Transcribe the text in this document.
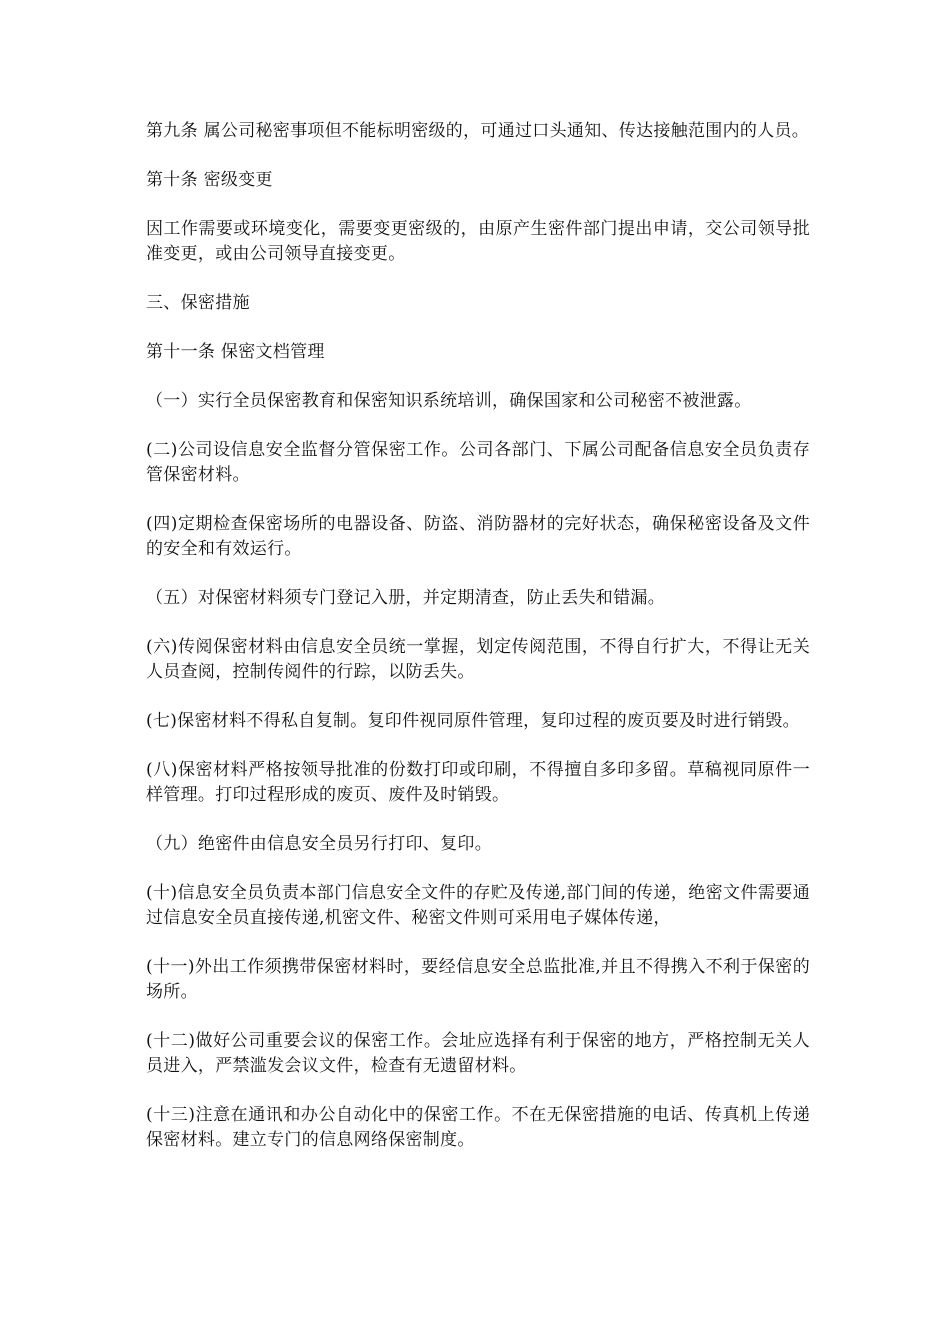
第九条 属公司秘密事项但不能标明密级的，可通过口头通知、传达接触范围内的人员。

第十条 密级变更

因工作需要或环境变化，需要变更密级的，由原产生密件部门提出申请，交公司领导批准变更，或由公司领导直接变更。

三、保密措施

第十一条 保密文档管理

（一）实行全员保密教育和保密知识系统培训，确保国家和公司秘密不被泄露。

(二)公司设信息安全监督分管保密工作。公司各部门、下属公司配备信息安全员负责存管保密材料。

(四)定期检查保密场所的电器设备、防盗、消防器材的完好状态，确保秘密设备及文件的安全和有效运行。

（五）对保密材料须专门登记入册，并定期清查，防止丢失和错漏。

(六)传阅保密材料由信息安全员统一掌握，划定传阅范围，不得自行扩大，不得让无关人员查阅，控制传阅件的行踪，以防丢失。

(七)保密材料不得私自复制。复印件视同原件管理，复印过程的废页要及时进行销毁。

(八)保密材料严格按领导批准的份数打印或印刷，不得擅自多印多留。草稿视同原件一样管理。打印过程形成的废页、废件及时销毁。

（九）绝密件由信息安全员另行打印、复印。

(十)信息安全员负责本部门信息安全文件的存贮及传递,部门间的传递，绝密文件需要通过信息安全员直接传递,机密文件、秘密文件则可采用电子媒体传递，

(十一)外出工作须携带保密材料时，要经信息安全总监批准,并且不得携入不利于保密的场所。

(十二)做好公司重要会议的保密工作。会址应选择有利于保密的地方，严格控制无关人员进入，严禁滥发会议文件，检查有无遗留材料。

(十三)注意在通讯和办公自动化中的保密工作。不在无保密措施的电话、传真机上传递保密材料。建立专门的信息网络保密制度。
